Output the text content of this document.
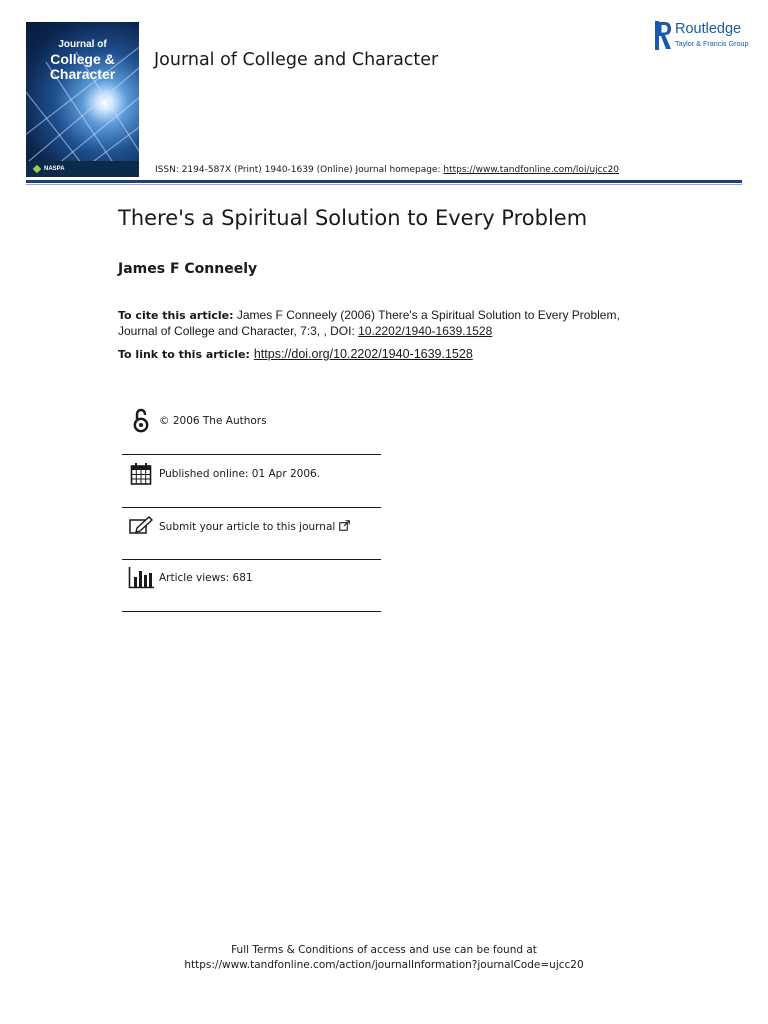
Journal of
College &
Character
NASPA
Journal of College and Character
Routledge
Taylor & Francis Group
ISSN: 2194-587X (Print) 1940-1639 (Online) Journal homepage: https://www.tandfonline.com/loi/ujcc20
There's a Spiritual Solution to Every Problem
James F Conneely
To cite this article: James F Conneely (2006) There's a Spiritual Solution to Every Problem, Journal of College and Character, 7:3, , DOI: 10.2202/1940-1639.1528
To link to this article: https://doi.org/10.2202/1940-1639.1528
© 2006 The Authors
Published online: 01 Apr 2006.
Submit your article to this journal
Article views: 681
Full Terms & Conditions of access and use can be found at
https://www.tandfonline.com/action/journalInformation?journalCode=ujcc20
